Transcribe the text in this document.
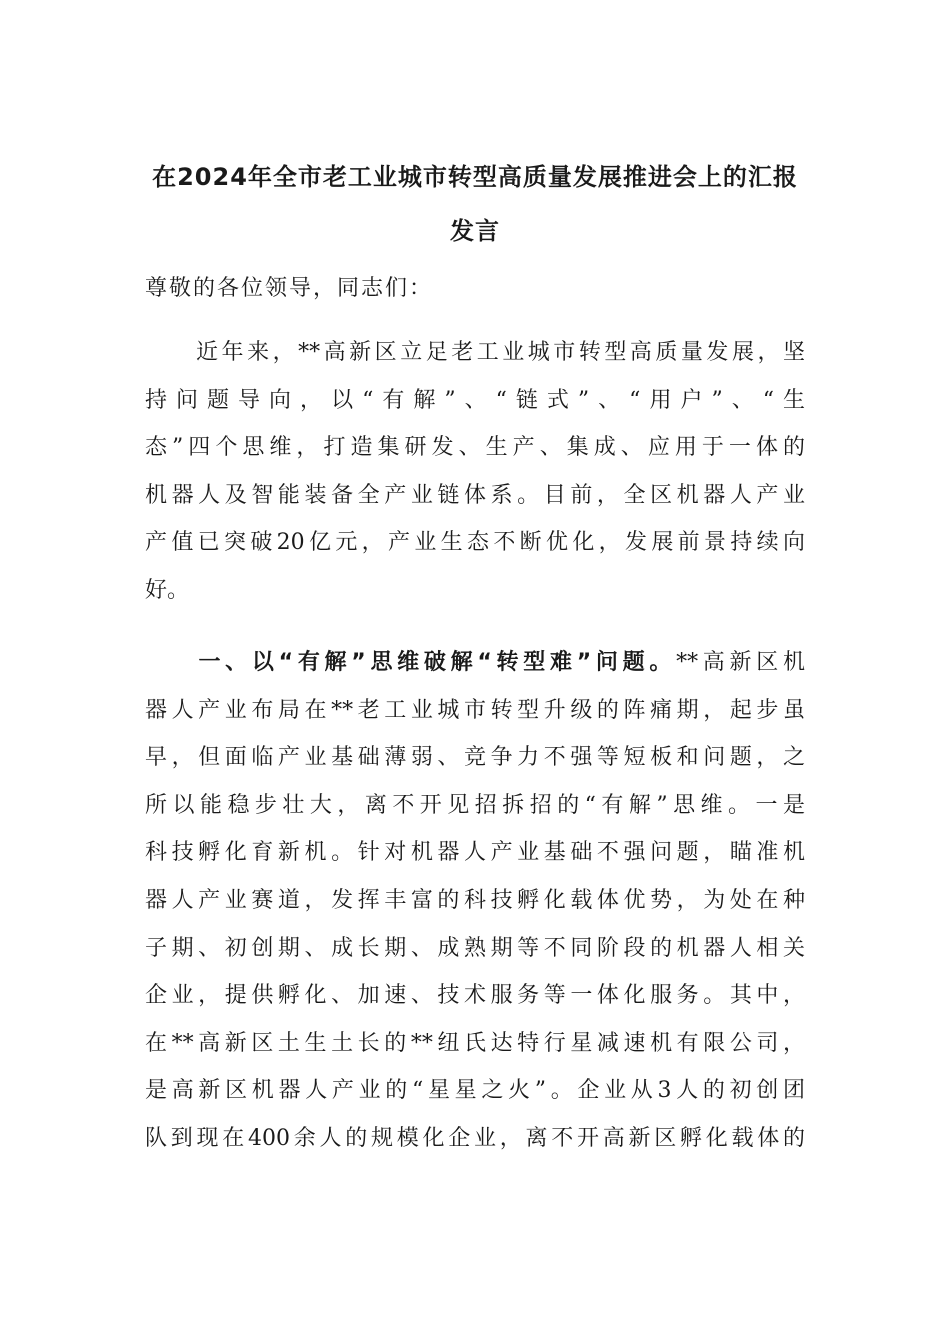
在2024年全市老工业城市转型高质量发展推进会上的汇报
发言
尊敬的各位领导，同志们：
　　近年来，**高新区立足老工业城市转型高质量发展，坚
持问题导向，以“有解”、“链式”、“用户”、“生
态”四个思维，打造集研发、生产、集成、应用于一体的
机器人及智能装备全产业链体系。目前，全区机器人产业
产值已突破20亿元，产业生态不断优化，发展前景持续向
好。
　　一、以“有解”思维破解“转型难”问题。**高新区机
器人产业布局在**老工业城市转型升级的阵痛期，起步虽
早，但面临产业基础薄弱、竞争力不强等短板和问题，之
所以能稳步壮大，离不开见招拆招的“有解”思维。一是
科技孵化育新机。针对机器人产业基础不强问题，瞄准机
器人产业赛道，发挥丰富的科技孵化载体优势，为处在种
子期、初创期、成长期、成熟期等不同阶段的机器人相关
企业，提供孵化、加速、技术服务等一体化服务。其中，
在**高新区土生土长的**纽氏达特行星减速机有限公司，
是高新区机器人产业的“星星之火”。企业从3人的初创团
队到现在400余人的规模化企业，离不开高新区孵化载体的
